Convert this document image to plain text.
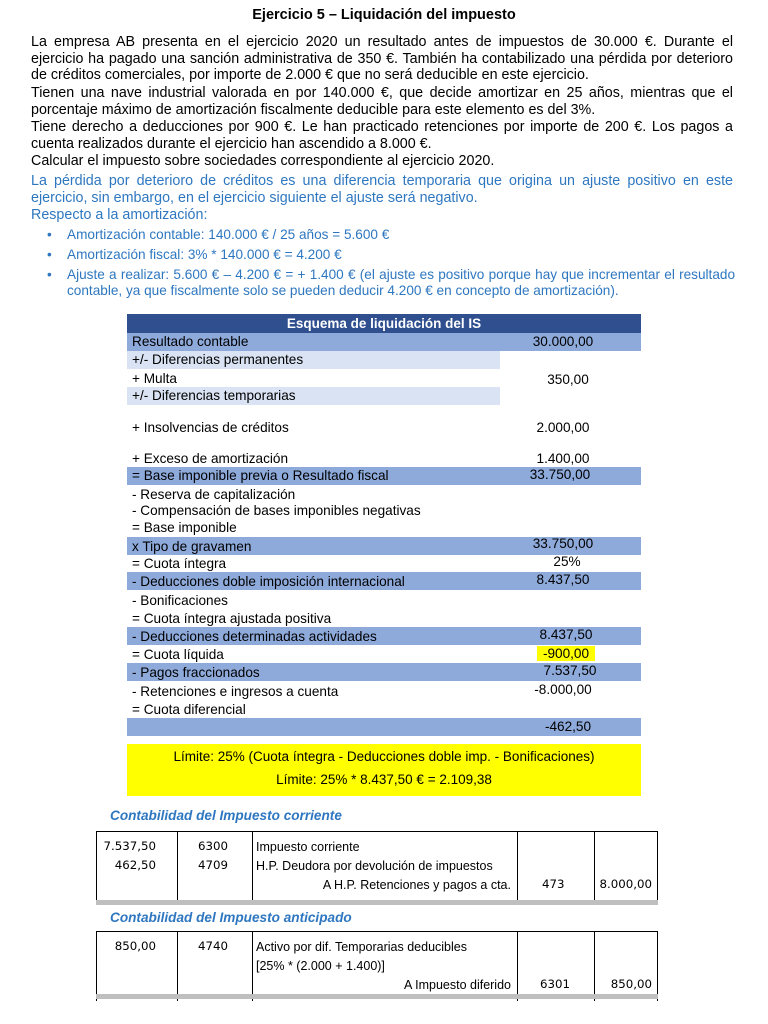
Ejercicio 5 – Liquidación del impuesto
La empresa AB presenta en el ejercicio 2020 un resultado antes de impuestos de 30.000 €. Durante el ejercicio ha pagado una sanción administrativa de 350 €. También ha contabilizado una pérdida por deterioro de créditos comerciales, por importe de 2.000 € que no será deducible en este ejercicio.
Tienen una nave industrial valorada en por 140.000 €, que decide amortizar en 25 años, mientras que el porcentaje máximo de amortización fiscalmente deducible para este elemento es del 3%.
Tiene derecho a deducciones por 900 €. Le han practicado retenciones por importe de 200 €. Los pagos a cuenta realizados durante el ejercicio han ascendido a 8.000 €.
Calcular el impuesto sobre sociedades correspondiente al ejercicio 2020.
La pérdida por deterioro de créditos es una diferencia temporaria que origina un ajuste positivo en este ejercicio, sin embargo, en el ejercicio siguiente el ajuste será negativo.
Respecto a la amortización:
• Amortización contable: 140.000 € / 25 años = 5.600 €
• Amortización fiscal: 3% * 140.000 € = 4.200 €
• Ajuste a realizar: 5.600 € – 4.200 € = + 1.400 € (el ajuste es positivo porque hay que incrementar el resultado contable, ya que fiscalmente solo se pueden deducir 4.200 € en concepto de amortización).
Esquema de liquidación del IS
Resultado contable	30.000,00
+/- Diferencias permanentes
+ Multa	350,00
+/- Diferencias temporarias
+ Insolvencias de créditos	2.000,00
+ Exceso de amortización	1.400,00
= Base imponible previa o Resultado fiscal	33.750,00
- Reserva de capitalización
- Compensación de bases imponibles negativas
= Base imponible
x Tipo de gravamen	33.750,00
= Cuota íntegra	25%
- Deducciones doble imposición internacional	8.437,50
- Bonificaciones
= Cuota íntegra ajustada positiva
- Deducciones determinadas actividades	8.437,50
= Cuota líquida	-900,00
- Pagos fraccionados	7.537,50
- Retenciones e ingresos a cuenta	-8.000,00
= Cuota diferencial
-462,50
Límite: 25% (Cuota íntegra - Deducciones doble imp. - Bonificaciones)
Límite: 25% * 8.437,50 € = 2.109,38
Contabilidad del Impuesto corriente
7.537,50	6300 Impuesto corriente
462,50	4709 H.P. Deudora por devolución de impuestos
A H.P. Retenciones y pagos a cta.	473	8.000,00
Contabilidad del Impuesto anticipado
850,00	4740 Activo por dif. Temporarias deducibles
[25% * (2.000 + 1.400)]
A Impuesto diferido 6301	850,00
